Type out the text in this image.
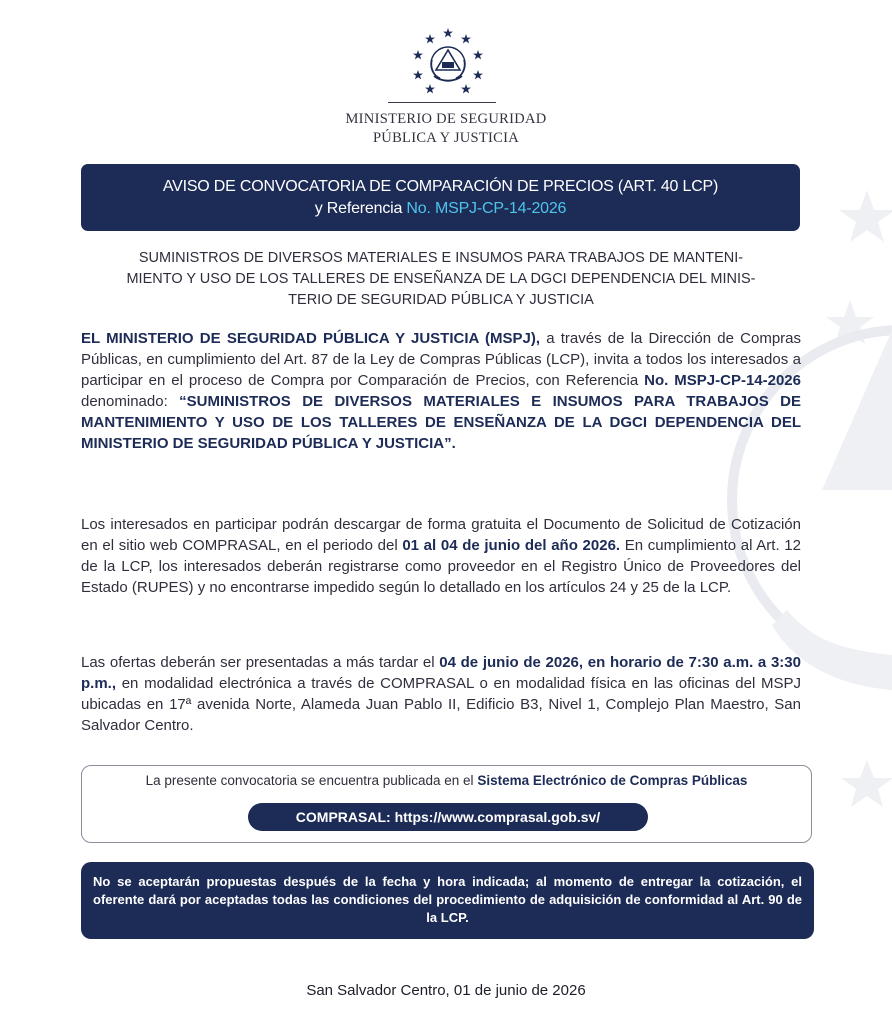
MINISTERIO DE SEGURIDAD
PÚBLICA Y JUSTICIA
AVISO DE CONVOCATORIA DE COMPARACIÓN DE PRECIOS (ART. 40 LCP)
y Referencia No. MSPJ-CP-14-2026
SUMINISTROS DE DIVERSOS MATERIALES E INSUMOS PARA TRABAJOS DE MANTENI-
MIENTO Y USO DE LOS TALLERES DE ENSEÑANZA DE LA DGCI DEPENDENCIA DEL MINIS-
TERIO DE SEGURIDAD PÚBLICA Y JUSTICIA

EL MINISTERIO DE SEGURIDAD PÚBLICA Y JUSTICIA (MSPJ), a través de la Dirección de Compras Públicas, en cumplimiento del Art. 87 de la Ley de Compras Públicas (LCP), invita a todos los interesados a participar en el proceso de Compra por Comparación de Precios, con Referencia No. MSPJ-CP-14-2026 denominado: “SUMINISTROS DE DIVERSOS MATERIALES E INSUMOS PARA TRABAJOS DE MANTENIMIENTO Y USO DE LOS TALLERES DE ENSEÑANZA DE LA DGCI DEPENDENCIA DEL MINISTERIO DE SEGURIDAD PÚBLICA Y JUSTICIA”.

Los interesados en participar podrán descargar de forma gratuita el Documento de Solicitud de Cotización en el sitio web COMPRASAL, en el periodo del 01 al 04 de junio del año 2026. En cumplimiento al Art. 12 de la LCP, los interesados deberán registrarse como proveedor en el Registro Único de Proveedores del Estado (RUPES) y no encontrarse impedido según lo detallado en los artículos 24 y 25 de la LCP.

Las ofertas deberán ser presentadas a más tardar el 04 de junio de 2026, en horario de 7:30 a.m. a 3:30 p.m., en modalidad electrónica a través de COMPRASAL o en modalidad física en las oficinas del MSPJ ubicadas en 17ª avenida Norte, Alameda Juan Pablo II, Edificio B3, Nivel 1, Complejo Plan Maestro, San Salvador Centro.

La presente convocatoria se encuentra publicada en el Sistema Electrónico de Compras Públicas
COMPRASAL: https://www.comprasal.gob.sv/
No se aceptarán propuestas después de la fecha y hora indicada; al momento de entregar la cotización, el oferente dará por aceptadas todas las condiciones del procedimiento de adquisición de conformidad al Art. 90 de la LCP.
San Salvador Centro, 01 de junio de 2026
